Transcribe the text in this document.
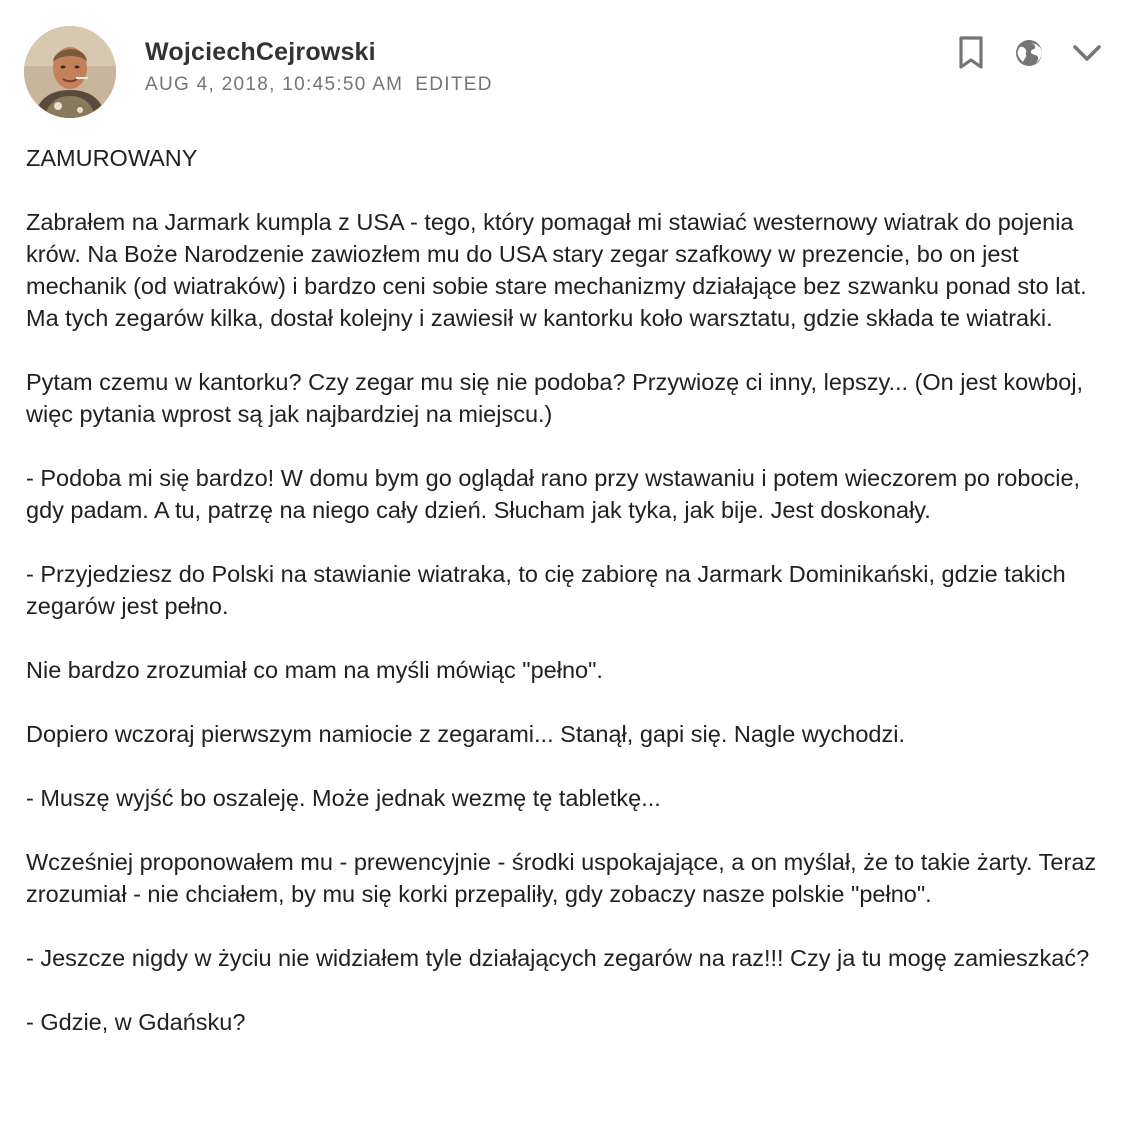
WojciechCejrowski
AUG 4, 2018, 10:45:50 AM EDITED

ZAMUROWANY

Zabrałem na Jarmark kumpla z USA - tego, który pomagał mi stawiać westernowy wiatrak do pojenia krów. Na Boże Narodzenie zawiozłem mu do USA stary zegar szafkowy w prezencie, bo on jest mechanik (od wiatraków) i bardzo ceni sobie stare mechanizmy działające bez szwanku ponad sto lat. Ma tych zegarów kilka, dostał kolejny i zawiesił w kantorku koło warsztatu, gdzie składa te wiatraki.

Pytam czemu w kantorku? Czy zegar mu się nie podoba? Przywiozę ci inny, lepszy... (On jest kowboj, więc pytania wprost są jak najbardziej na miejscu.)

- Podoba mi się bardzo! W domu bym go oglądał rano przy wstawaniu i potem wieczorem po robocie, gdy padam. A tu, patrzę na niego cały dzień. Słucham jak tyka, jak bije. Jest doskonały.

- Przyjedziesz do Polski na stawianie wiatraka, to cię zabiorę na Jarmark Dominikański, gdzie takich zegarów jest pełno.

Nie bardzo zrozumiał co mam na myśli mówiąc "pełno".

Dopiero wczoraj pierwszym namiocie z zegarami... Stanął, gapi się. Nagle wychodzi.

- Muszę wyjść bo oszaleję. Może jednak wezmę tę tabletkę...

Wcześniej proponowałem mu - prewencyjnie - środki uspokajające, a on myślał, że to takie żarty. Teraz zrozumiał - nie chciałem, by mu się korki przepaliły, gdy zobaczy nasze polskie "pełno".

- Jeszcze nigdy w życiu nie widziałem tyle działających zegarów na raz!!! Czy ja tu mogę zamieszkać?

- Gdzie, w Gdańsku?
